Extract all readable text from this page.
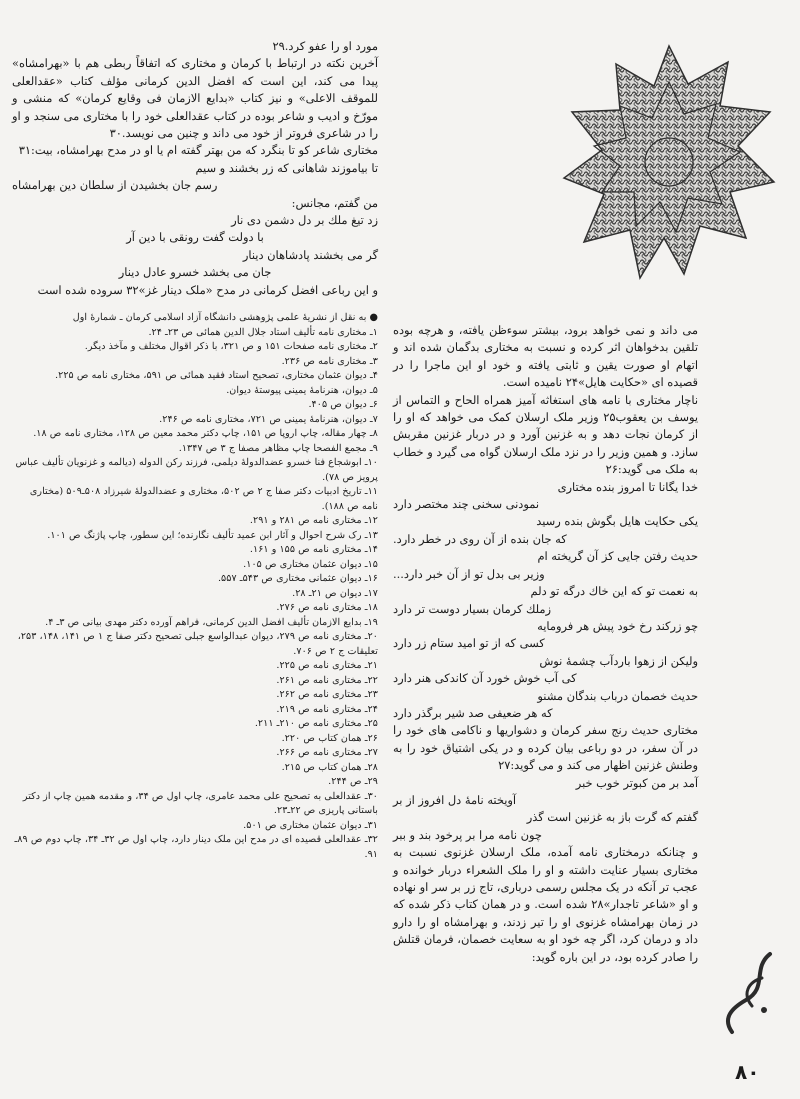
مورد او را عفو کرد.۲۹

آخرین نکته در ارتباط با کرمان و مختاری که اتفاقاً ربطی هم با «بهرامشاه» پیدا می کند، این است که افضل الدین کرمانی مؤلف کتاب «عقدالعلی للموقف الاعلی» و نیز کتاب «بدایع الازمان فی وقایع کرمان» که منشی و مورّخ و ادیب و شاعر بوده در کتاب عقدالعلی خود را با مختاری می سنجد و او را در شاعری فروتر از خود می داند و چنین می نویسد.۳۰

مختاری شاعر کو تا بنگرد که من بهتر گفته ام یا او در مدح بهرامشاه، بیت:۳۱

تا بیاموزند شاهانی که زر بخشند و سیم
رسم جان بخشیدن از سلطان دین بهرامشاه

من گفتم، مجانس:

زد تیغ ملك بر دل دشمن دی نار
با دولت گفت رونقی با دین آر
گر می بخشند پادشاهان دینار
جان می بخشد خسرو عادل دینار

و این رباعی افضل کرمانی در مدح «ملک دینار غز»۳۲ سروده شده است

● به نقل از نشریهٔ علمی پژوهشی دانشگاه آزاد اسلامی کرمان ـ شمارهٔ اول
۱ـ مختاری نامه تألیف استاد جلال الدین همائی ص ۲۳ـ ۲۴.
۲ـ مختاری نامه صفحات ۱۵۱ و ص ۳۲۱، با ذکر اقوال مختلف و مآخذ دیگر.
۳ـ مختاری نامه ص ۲۳۶.
۴ـ دیوان عثمان مختاری، تصحیح استاد فقید همائی ص ۵۹۱، مختاری نامه ص ۲۲۵.
۵ـ دیوان، هنرنامهٔ یمینی پیوستهٔ دیوان.
۶ـ دیوان ص ۴۰۵.
۷ـ دیوان، هنرنامهٔ یمینی ص ۷۲۱، مختاری نامه ص ۲۴۶.
۸ـ چهار مقاله، چاپ اروپا ص ۱۵۱، چاپ دکتر محمد معین ص ۱۲۸، مختاری نامه ص ۱۸.
۹ـ مجمع الفصحا چاپ مظاهر مصفا ج ۳ ص ۱۳۴۷.
۱۰ـ ابوشجاع فنا خسرو عضدالدولهٔ دیلمی، فرزند رکن الدوله (دیالمه و غزنویان تألیف عباس پرویز ص ۷۸).
۱۱ـ تاریخ ادبیات دکتر صفا ج ۲ ص ۵۰۲، مختاری و عضدالدولهٔ شیرزاد ۵۰۸ـ۵۰۹ (مختاری نامه ص ۱۸۸).
۱۲ـ مختاری نامه ص ۲۸۱ و ۲۹۱.
۱۳ـ رک شرح احوال و آثار ابن عمید تألیف نگارنده؛ این سطور، چاپ پاژنگ ص ۱۰۱.
۱۴ـ مختاری نامه ص ۱۵۵ و ۱۶۱.
۱۵ـ دیوان عثمان مختاری ص ۱۰۵.
۱۶ـ دیوان عثمانی مختاری ص ۵۴۳ـ ۵۵۷.
۱۷ـ دیوان ص ۲۱ـ ۲۸.
۱۸ـ مختاری نامه ص ۲۷۶.
۱۹ـ بدایع الازمان تألیف افضل الدین کرمانی، فراهم آورده دکتر مهدی بیانی ص ۳ـ ۴.
۲۰ـ مختاری نامه ص ۲۷۹، دیوان عبدالواسع جبلی تصحیح دکتر صفا ج ۱ ص ۱۴۱، ۱۴۸، ۲۵۳، تعلیقات ج ۲ ص ۷۰۶.
۲۱ـ مختاری نامه ص ۲۲۵.
۲۲ـ مختاری نامه ص ۲۶۱.
۲۳ـ مختاری نامه ص ۲۶۲.
۲۴ـ مختاری نامه ص ۲۱۹.
۲۵ـ مختاری نامه ص ۲۱۰ـ ۲۱۱.
۲۶ـ همان کتاب ص ۲۲۰.
۲۷ـ مختاری نامه ص ۲۶۶.
۲۸ـ همان کتاب ص ۲۱۵.
۲۹ـ ص ۲۴۴.
۳۰ـ عقدالعلی به تصحیح علی محمد عامری، چاپ اول ص ۳۴، و مقدمه همین چاپ از دکتر باستانی پاریزی ص ۲۲ـ۲۳.
۳۱ـ دیوان عثمان مختاری ص ۵۰۱.
۳۲ـ عقدالعلی قصیده ای در مدح این ملک دینار دارد، چاپ اول ص ۳۲ـ ۳۴، چاپ دوم ص ۸۹ـ ۹۱.

می داند و نمی خواهد برود، بیشتر سوءظن یافته، و هرچه بوده تلقین بدخواهان اثر کرده و نسبت به مختاری بدگمان شده اند و اتهام او صورت یقین و ثابتی یافته و خود او این ماجرا را در قصیده ای «حکایت هایل»۲۴ نامیده است.

ناچار مختاری با نامه های استغاثه آمیز همراه الحاح و التماس از یوسف بن یعقوب۲۵ وزیر ملک ارسلان کمک می خواهد که او را از کرمان نجات دهد و به غزنین آورد و در دربار غزنین مقربش سازد. و همین وزیر را در نزد ملک ارسلان گواه می گیرد و خطاب به ملک می گوید:۲۶

خدا یگانا تا امروز بنده مختاری
نمودنی سخنی چند مختصر دارد
یکی حکایت هایل بگوش بنده رسید
که جان بنده از آن روی در خطر دارد.
حدیث رفتن جایی کز آن گریخته ام
وزیر بی بدل تو از آن خبر دارد...
به نعمت تو که این خاك درگه تو دلم
زملك کرمان بسیار دوست تر دارد
چو زرکند رخ خود پیش هر فرومایه
کسی که از تو امید ستام زر دارد
ولیکن از زهوا باردآب چشمهٔ نوش
کی آب خوش خورد آن کاندکی هنر دارد
حدیث خصمان درباب بندگان مشنو
که هر ضعیفی صد شیر برگذر دارد

مختاری حدیث رنج سفر کرمان و دشواریها و ناکامی های خود را در آن سفر، در دو رباعی بیان کرده و در یکی اشتیاق خود را به وطنش غزنین اظهار می کند و می گوید:۲۷

آمد بر من کبوتر خوب خبر
آویخته نامهٔ دل افروز از بر
گفتم که گرت باز به غزنین است گذر
چون نامه مرا بر پرخود بند و ببر

و چنانکه درمختاری نامه آمده، ملک ارسلان غزنوی نسبت به مختاری بسیار عنایت داشته و او را ملک الشعراء دربار خوانده و عجب تر آنکه در یک مجلس رسمی درباری، تاج زر بر سر او نهاده و او «شاعر تاجدار»۲۸ شده است. و در همان کتاب ذکر شده که در زمان بهرامشاه غزنوی او را تیر زدند، و بهرامشاه او را دارو داد و درمان کرد، اگر چه خود او به سعایت خصمان، فرمان قتلش را صادر کرده بود، در این باره گوید:

۸۰
